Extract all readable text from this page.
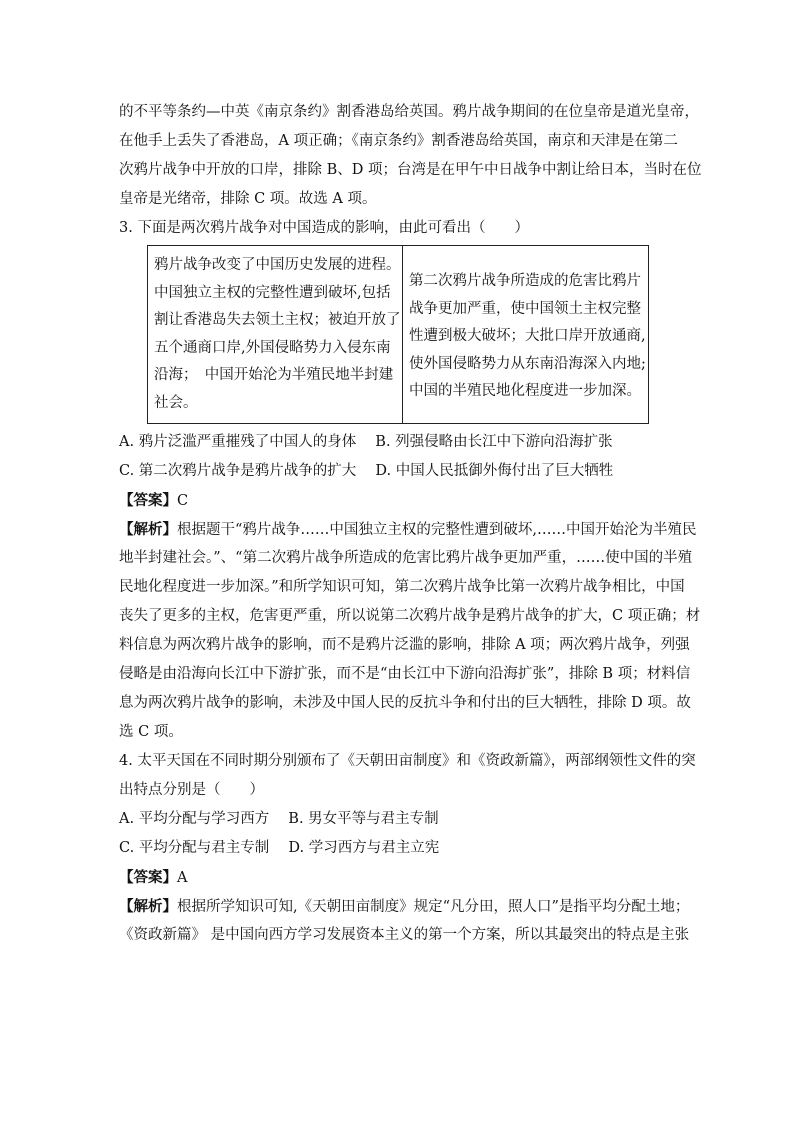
的不平等条约—中英《南京条约》割香港岛给英国。鸦片战争期间的在位皇帝是道光皇帝，
在他手上丢失了香港岛，A 项正确；《南京条约》割香港岛给英国，南京和天津是在第二
次鸦片战争中开放的口岸，排除 B、D 项；台湾是在甲午中日战争中割让给日本，当时在位
皇帝是光绪帝，排除 C 项。故选 A 项。
3. 下面是两次鸦片战争对中国造成的影响，由此可看出（　　）
鸦片战争改变了中国历史发展的进程。
中国独立主权的完整性遭到破坏,包括
割让香港岛失去领土主权；被迫开放了
五个通商口岸,外国侵略势力入侵东南
沿海；　中国开始沦为半殖民地半封建
社会。
第二次鸦片战争所造成的危害比鸦片
战争更加严重，使中国领土主权完整
性遭到极大破坏；大批口岸开放通商,
使外国侵略势力从东南沿海深入内地;
中国的半殖民地化程度进一步加深。
A. 鸦片泛滥严重摧残了中国人的身体　 B. 列强侵略由长江中下游向沿海扩张
C. 第二次鸦片战争是鸦片战争的扩大　 D. 中国人民抵御外侮付出了巨大牺牲
【答案】C
【解析】根据题干“鸦片战争……中国独立主权的完整性遭到破坏,……中国开始沦为半殖民
地半封建社会。”、“第二次鸦片战争所造成的危害比鸦片战争更加严重，……使中国的半殖
民地化程度进一步加深。”和所学知识可知，第二次鸦片战争比第一次鸦片战争相比，中国
丧失了更多的主权，危害更严重，所以说第二次鸦片战争是鸦片战争的扩大，C 项正确；材
料信息为两次鸦片战争的影响，而不是鸦片泛滥的影响，排除 A 项；两次鸦片战争，列强
侵略是由沿海向长江中下游扩张，而不是“由长江中下游向沿海扩张”，排除 B 项；材料信
息为两次鸦片战争的影响，未涉及中国人民的反抗斗争和付出的巨大牺牲，排除 D 项。故
选 C 项。
4. 太平天国在不同时期分别颁布了《天朝田亩制度》和《资政新篇》，两部纲领性文件的突
出特点分别是（　　）
A. 平均分配与学习西方　 B. 男女平等与君主专制
C. 平均分配与君主专制　 D. 学习西方与君主立宪
【答案】A
【解析】根据所学知识可知,《天朝田亩制度》规定“凡分田，照人口”是指平均分配土地；
《资政新篇》 是中国向西方学习发展资本主义的第一个方案，所以其最突出的特点是主张
